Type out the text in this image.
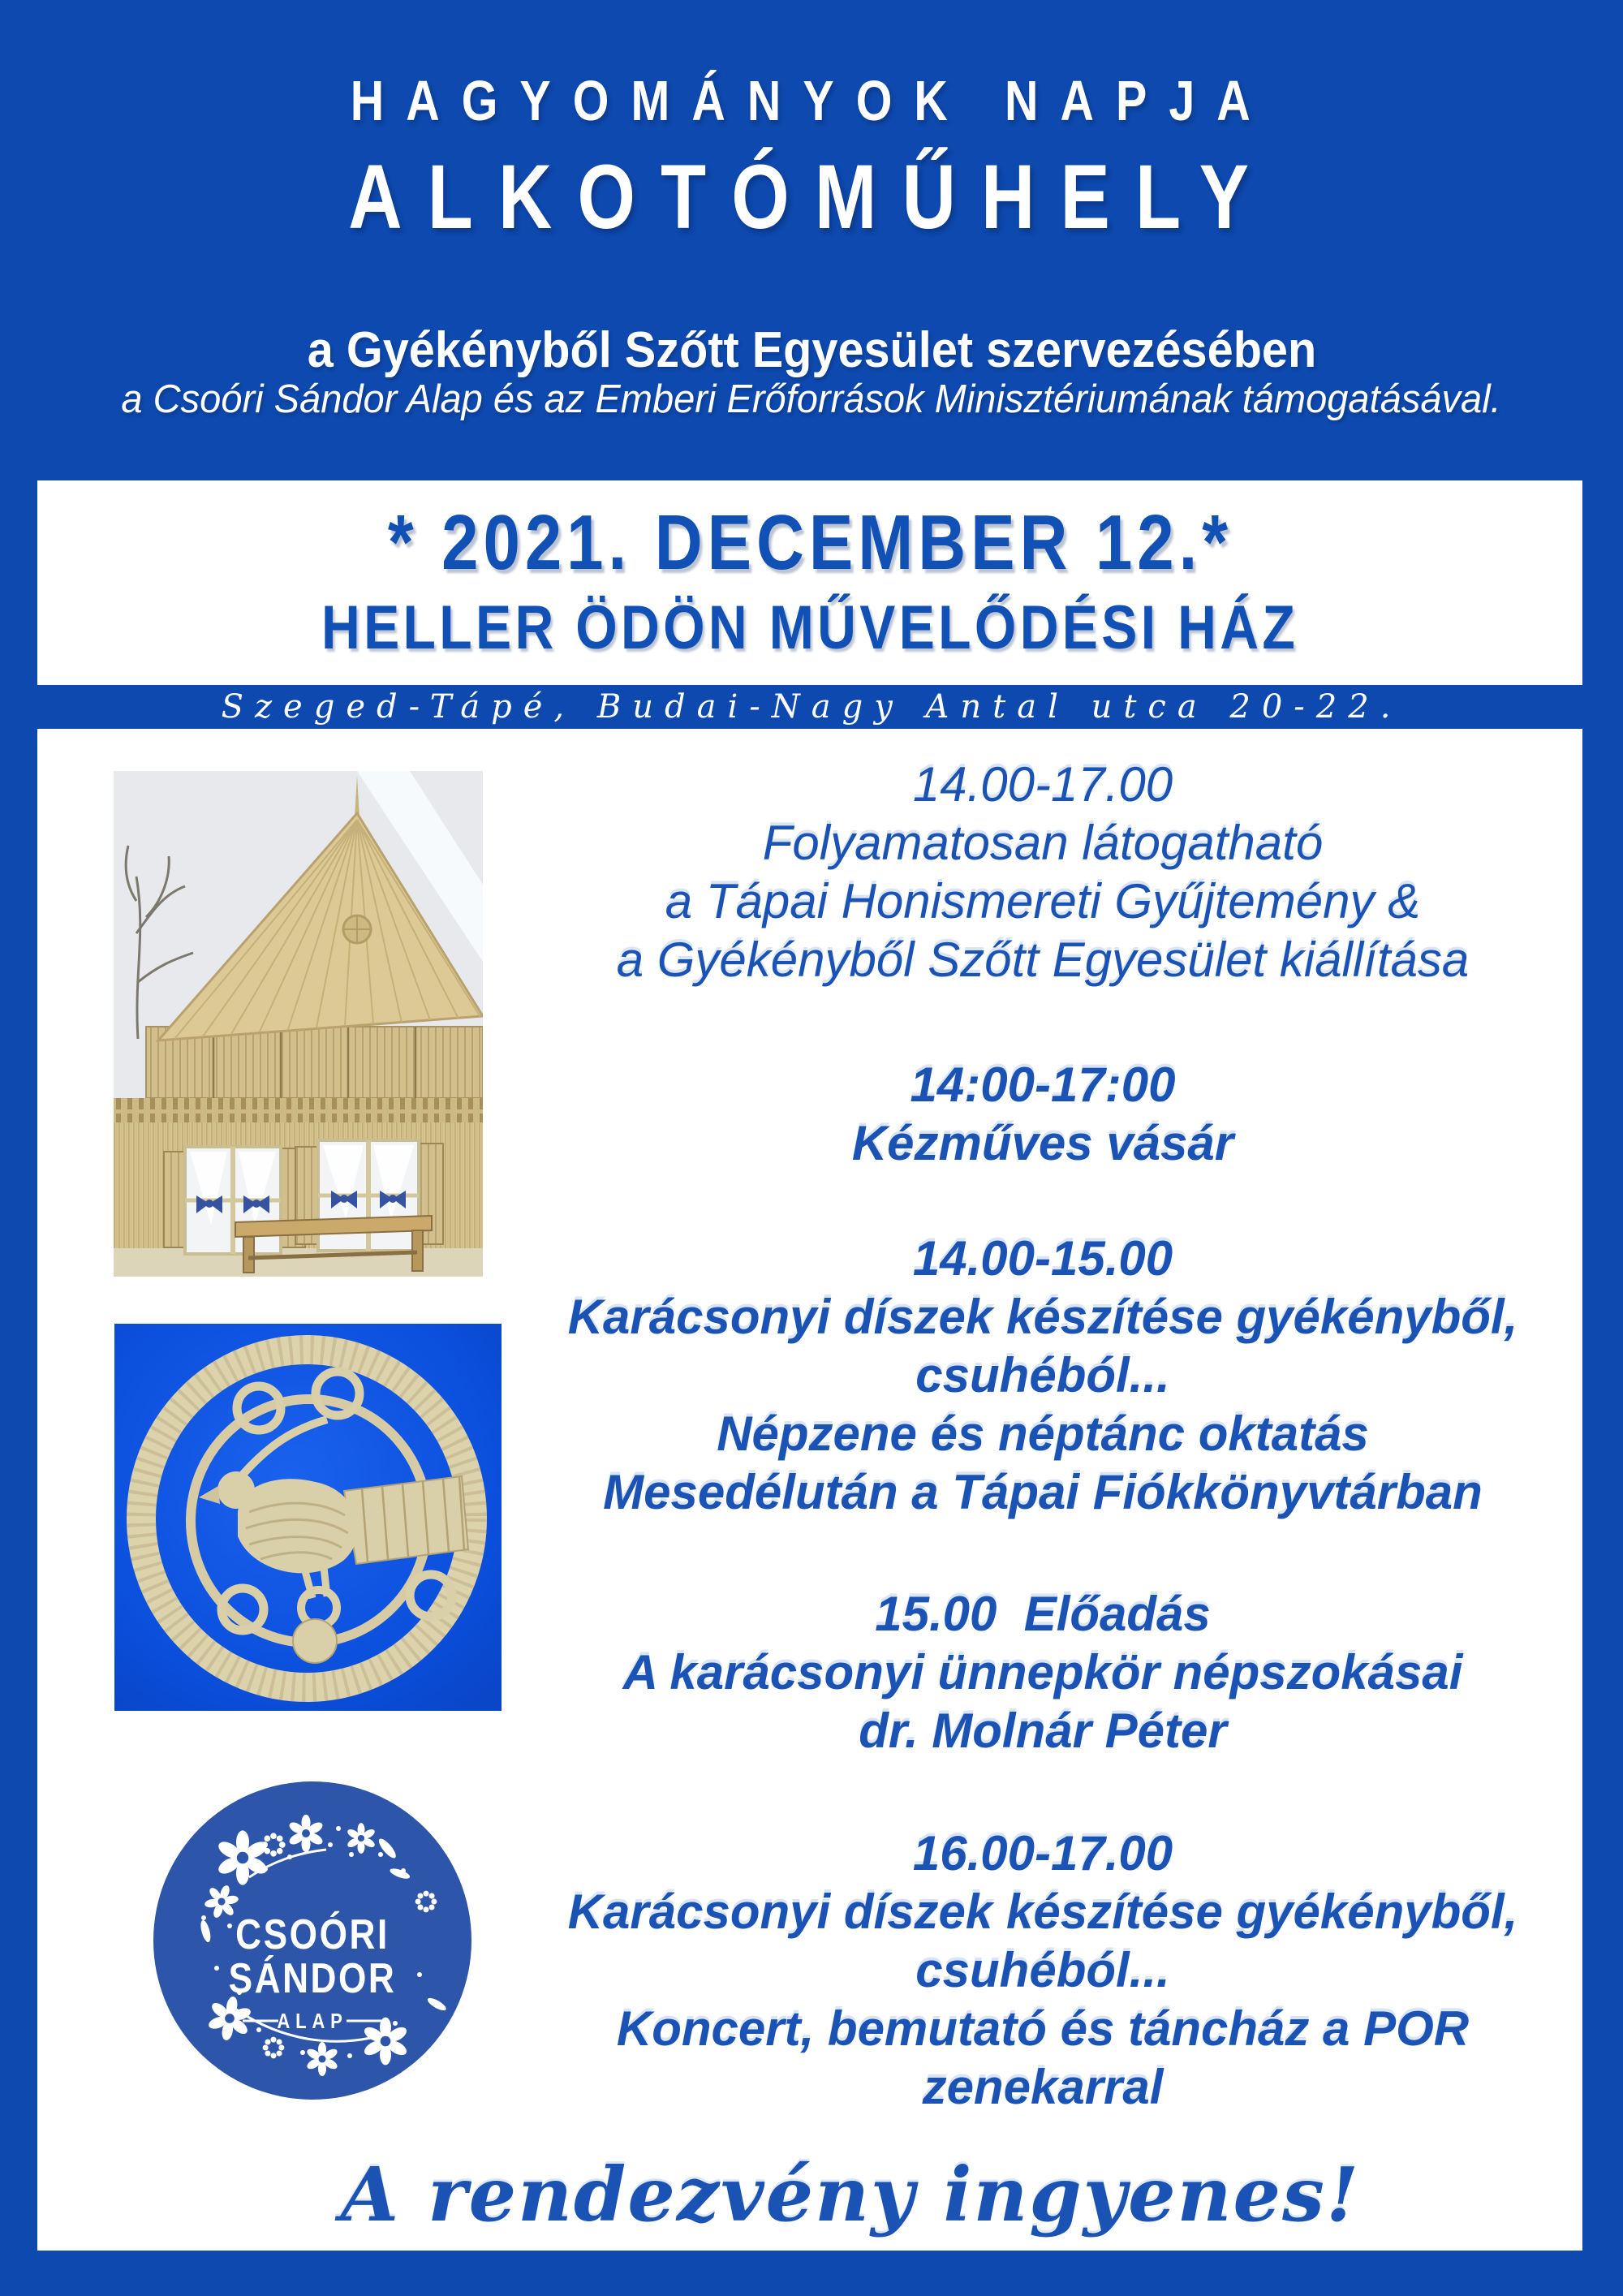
HAGYOMÁNYOK NAPJA
ALKOTÓMŰHELY
a Gyékényből Szőtt Egyesület szervezésében
a Csoóri Sándor Alap és az Emberi Erőforrások Minisztériumának támogatásával.
* 2021. DECEMBER 12.*
HELLER ÖDÖN MŰVELŐDÉSI HÁZ
Szeged-Tápé, Budai-Nagy Antal utca 20-22.
CSOÓRI
SÁNDOR
ALAP
14.00-17.00
Folyamatosan látogatható
a Tápai Honismereti Gyűjtemény &
a Gyékényből Szőtt Egyesület kiállítása
14:00-17:00
Kézműves vásár
14.00-15.00
Karácsonyi díszek készítése gyékényből,
csuhéból...
Népzene és néptánc oktatás
Mesedélután a Tápai Fiókkönyvtárban
15.00  Előadás
A karácsonyi ünnepkör népszokásai
dr. Molnár Péter
16.00-17.00
Karácsonyi díszek készítése gyékényből,
csuhéból...
Koncert, bemutató és táncház a POR
zenekarral
A rendezvény ingyenes!
